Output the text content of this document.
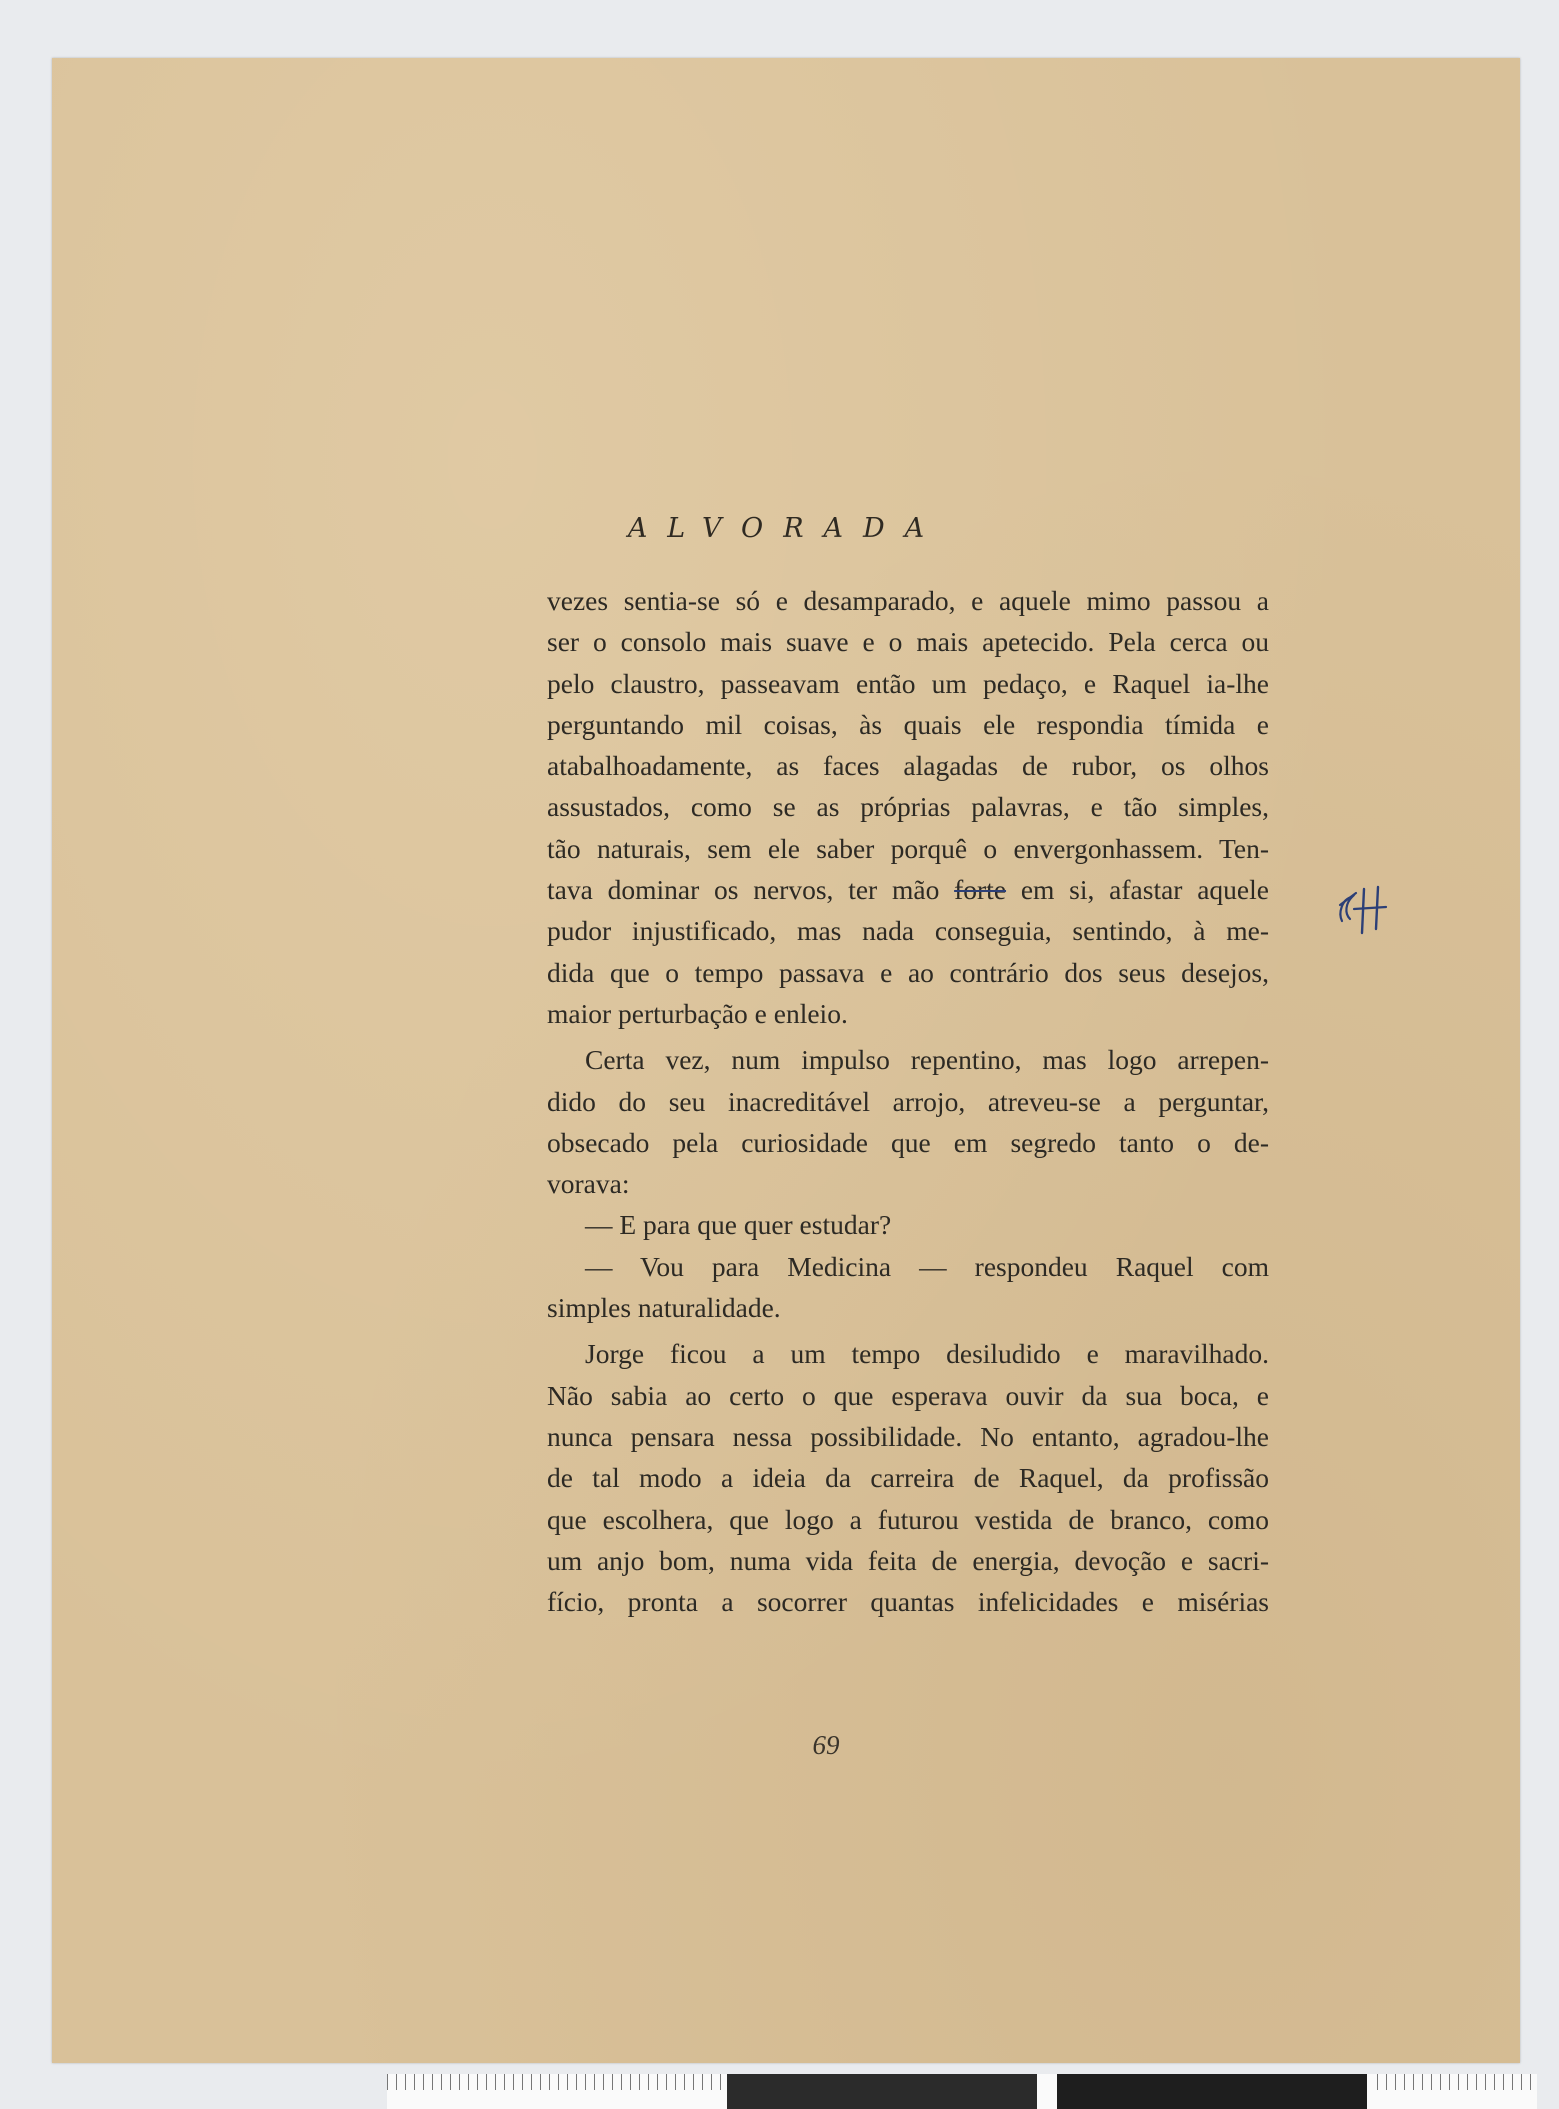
ALVORADA
vezes sentia-se só e desamparado, e aquele mimo passou a
ser o consolo mais suave e o mais apetecido. Pela cerca ou
pelo claustro, passeavam então um pedaço, e Raquel ia-lhe
perguntando mil coisas, às quais ele respondia tímida e
atabalhoadamente, as faces alagadas de rubor, os olhos
assustados, como se as próprias palavras, e tão simples,
tão naturais, sem ele saber porquê o envergonhassem. Ten-
tava dominar os nervos, ter mão forte em si, afastar aquele
pudor injustificado, mas nada conseguia, sentindo, à me-
dida que o tempo passava e ao contrário dos seus desejos,
maior perturbação e enleio.
Certa vez, num impulso repentino, mas logo arrepen-
dido do seu inacreditável arrojo, atreveu-se a perguntar,
obsecado pela curiosidade que em segredo tanto o de-
vorava:
— E para que quer estudar?
— Vou para Medicina — respondeu Raquel com
simples naturalidade.
Jorge ficou a um tempo desiludido e maravilhado.
Não sabia ao certo o que esperava ouvir da sua boca, e
nunca pensara nessa possibilidade. No entanto, agradou-lhe
de tal modo a ideia da carreira de Raquel, da profissão
que escolhera, que logo a futurou vestida de branco, como
um anjo bom, numa vida feita de energia, devoção e sacri-
fício, pronta a socorrer quantas infelicidades e misérias
69
